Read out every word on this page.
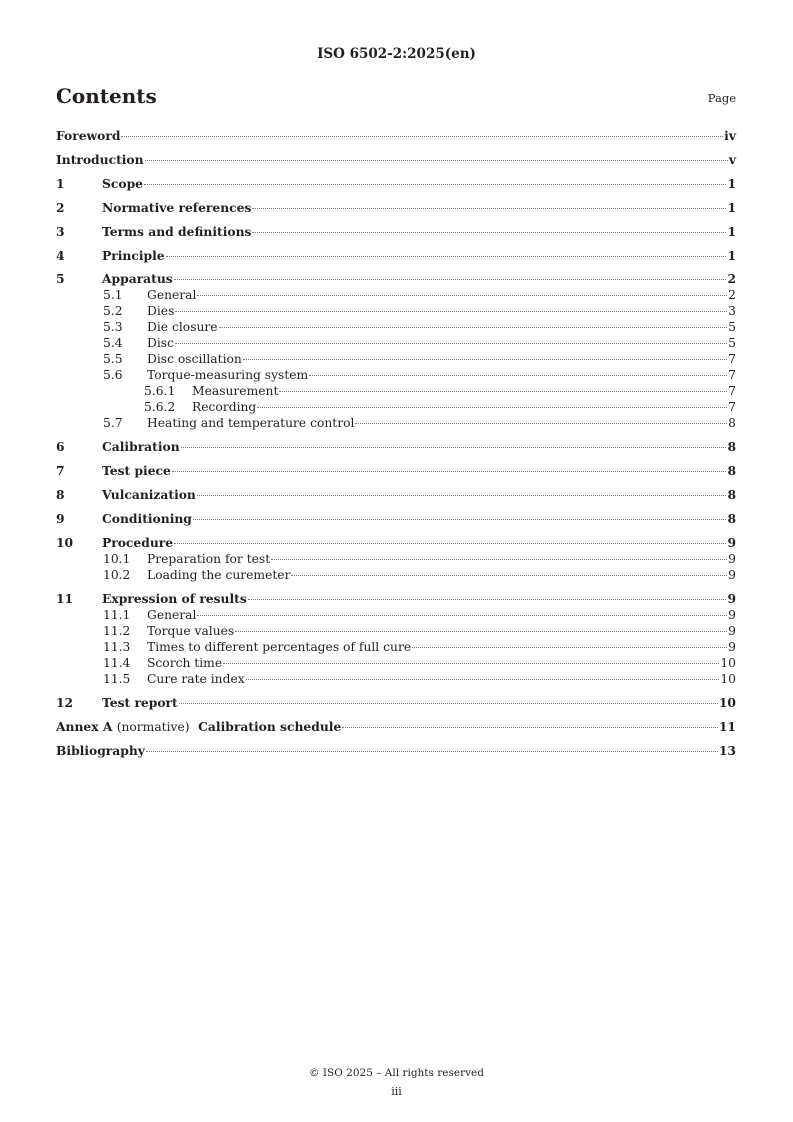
ISO 6502-2:2025(en)
Contents	Page
Foreword	iv
Introduction	v
1	Scope	1
2	Normative references	1
3	Terms and definitions	1
4	Principle	1
5	Apparatus	2
5.1	General	2
5.2	Dies	3
5.3	Die closure	5
5.4	Disc	5
5.5	Disc oscillation	7
5.6	Torque-measuring system	7
5.6.1	Measurement	7
5.6.2	Recording	7
5.7	Heating and temperature control	8
6	Calibration	8
7	Test piece	8
8	Vulcanization	8
9	Conditioning	8
10	Procedure	9
10.1	Preparation for test	9
10.2	Loading the curemeter	9
11	Expression of results	9
11.1	General	9
11.2	Torque values	9
11.3	Times to different percentages of full cure	9
11.4	Scorch time	10
11.5	Cure rate index	10
12	Test report	10
Annex A (normative) Calibration schedule	11
Bibliography	13
© ISO 2025 – All rights reserved
iii
